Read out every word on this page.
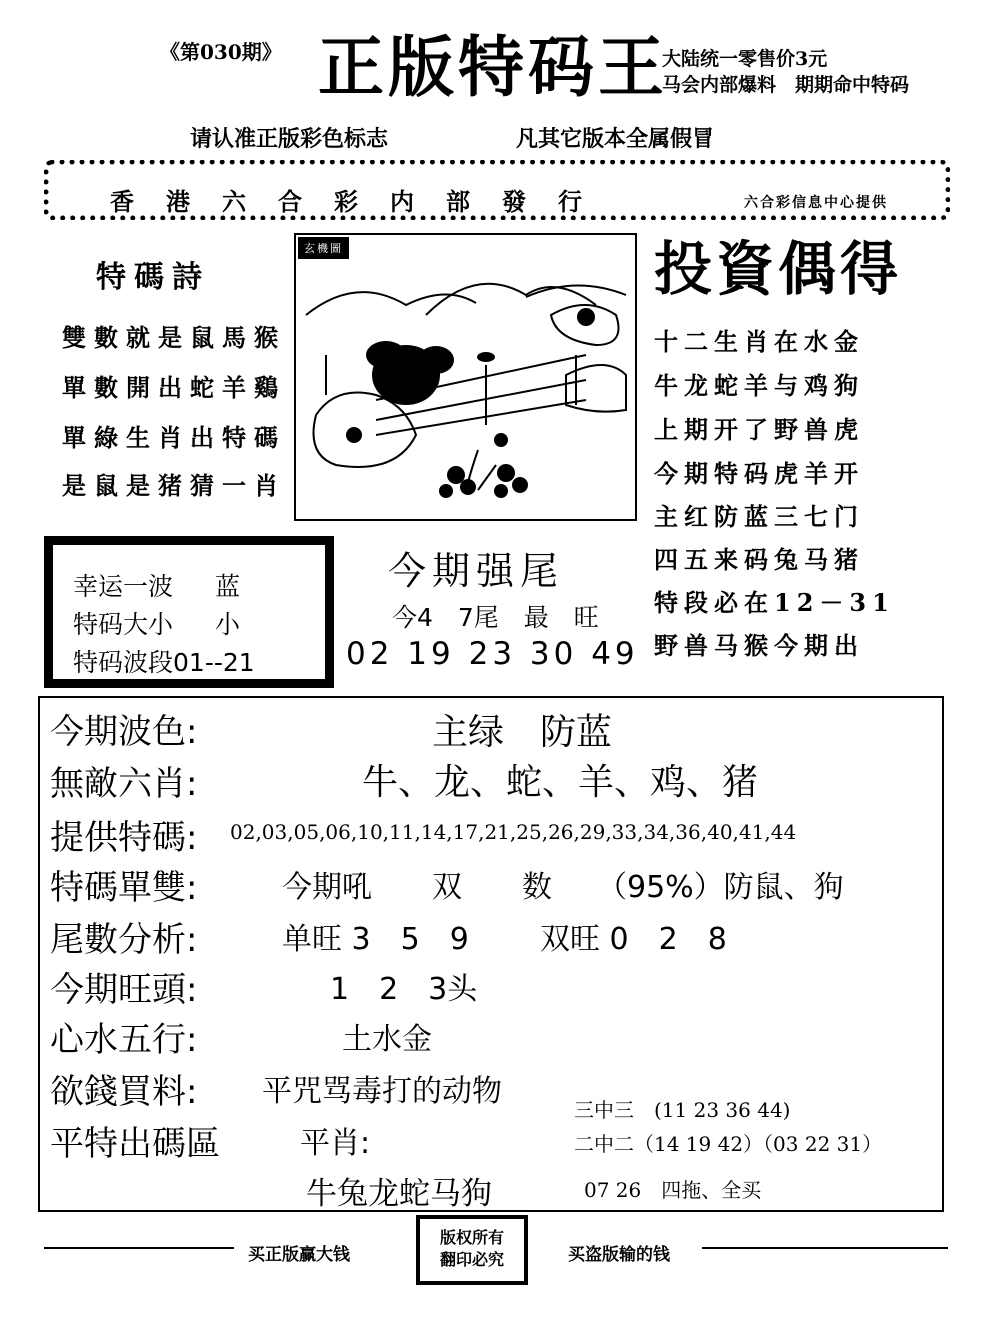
《第030期》 正版特码王
大陆统一零售价3元
马会内部爆料　期期命中特码
请认准正版彩色标志	凡其它版本全属假冒
香港六合彩内部發行	六合彩信息中心提供
特碼詩
雙數就是鼠馬猴
單數開出蛇羊鷄
單綠生肖出特碼
是鼠是猪猜一肖
玄機圖	投資偶得
十二生肖在水金
牛龙蛇羊与鸡狗
上期开了野兽虎
今期特码虎羊开
主红防蓝三七门
四五来码兔马猪
特段必在12－31
野兽马猴今期出
幸运一波 蓝
特码大小 小
特码波段01--21
今期强尾
今4　7尾　最　旺
02 19 23 30 49
今期波色:	主绿　防蓝
無敵六肖:	牛、龙、蛇、羊、鸡、猪
提供特碼: 02,03,05,06,10,11,14,17,21,25,26,29,33,34,36,40,41,44
特碼單雙:	今期吼　　双　　数　　（95%）防鼠、狗
尾數分析:	单旺 3　5　9 双旺 0　2　8
今期旺頭:	1　2　3头
心水五行:	土水金
欲錢買料: 平咒骂毒打的动物
平特出碼區	平肖:
牛兔龙蛇马狗
三中三　(11 23 36 44)
二中二（14 19 42）（03 22 31）
07 26　四拖、全买
买正版赢大钱
版权所有
翻印必究	买盗版输的钱
